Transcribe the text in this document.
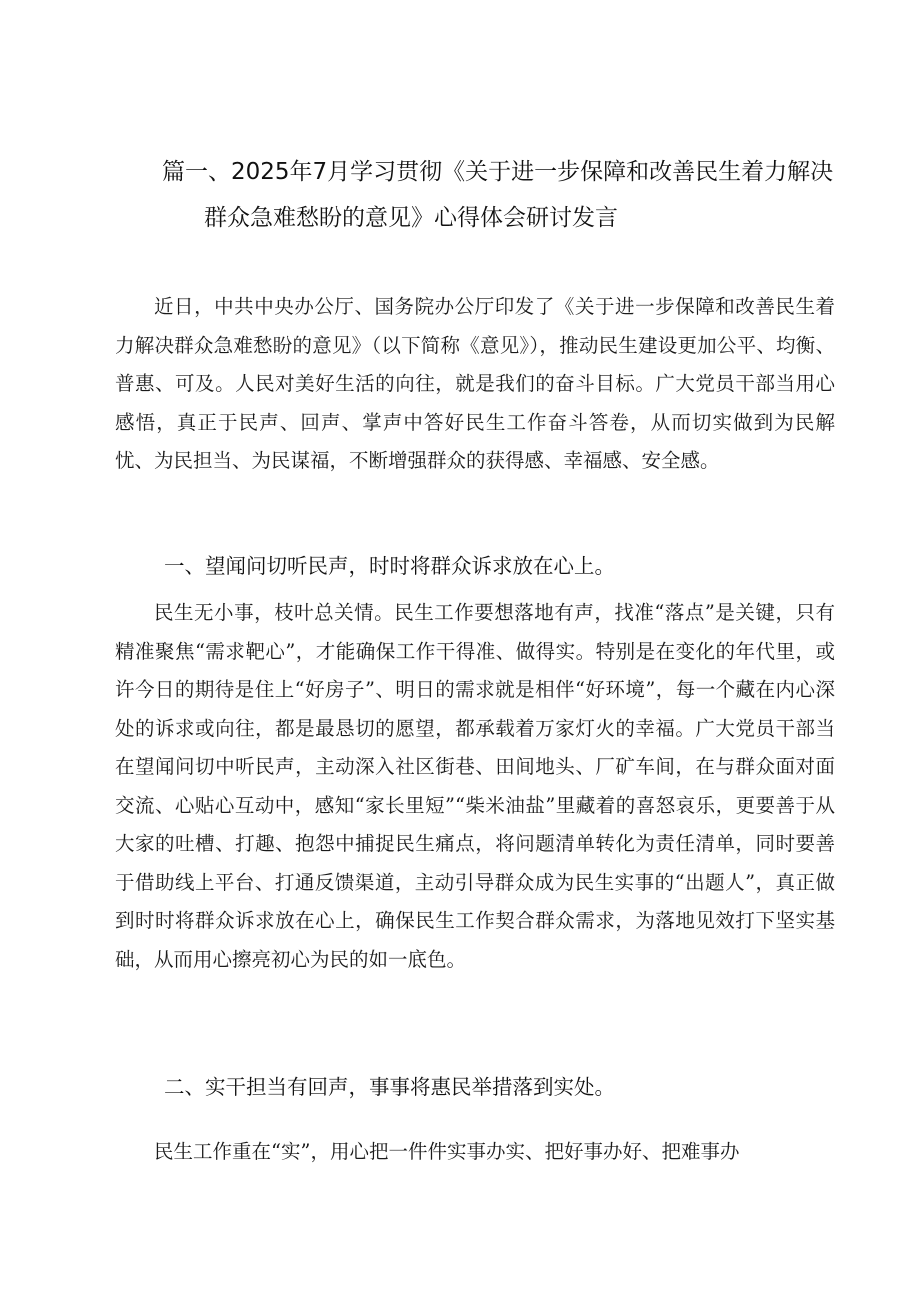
篇一、2025年7月学习贯彻《关于进一步保障和改善民生着力解决
群众急难愁盼的意见》心得体会研讨发言

近日，中共中央办公厅、国务院办公厅印发了《关于进一步保障和改善民生着力解决群众急难愁盼的意见》（以下简称《意见》），推动民生建设更加公平、均衡、普惠、可及。人民对美好生活的向往，就是我们的奋斗目标。广大党员干部当用心感悟，真正于民声、回声、掌声中答好民生工作奋斗答卷，从而切实做到为民解忧、为民担当、为民谋福，不断增强群众的获得感、幸福感、安全感。

一、望闻问切听民声，时时将群众诉求放在心上。

民生无小事，枝叶总关情。民生工作要想落地有声，找准“落点”是关键，只有精准聚焦“需求靶心”，才能确保工作干得准、做得实。特别是在变化的年代里，或许今日的期待是住上“好房子”、明日的需求就是相伴“好环境”，每一个藏在内心深处的诉求或向往，都是最恳切的愿望，都承载着万家灯火的幸福。广大党员干部当在望闻问切中听民声，主动深入社区街巷、田间地头、厂矿车间，在与群众面对面交流、心贴心互动中，感知“家长里短”“柴米油盐”里藏着的喜怒哀乐，更要善于从大家的吐槽、打趣、抱怨中捕捉民生痛点，将问题清单转化为责任清单，同时要善于借助线上平台、打通反馈渠道，主动引导群众成为民生实事的“出题人”，真正做到时时将群众诉求放在心上，确保民生工作契合群众需求，为落地见效打下坚实基础，从而用心擦亮初心为民的如一底色。

二、实干担当有回声，事事将惠民举措落到实处。

民生工作重在“实”，用心把一件件实事办实、把好事办好、把难事办
